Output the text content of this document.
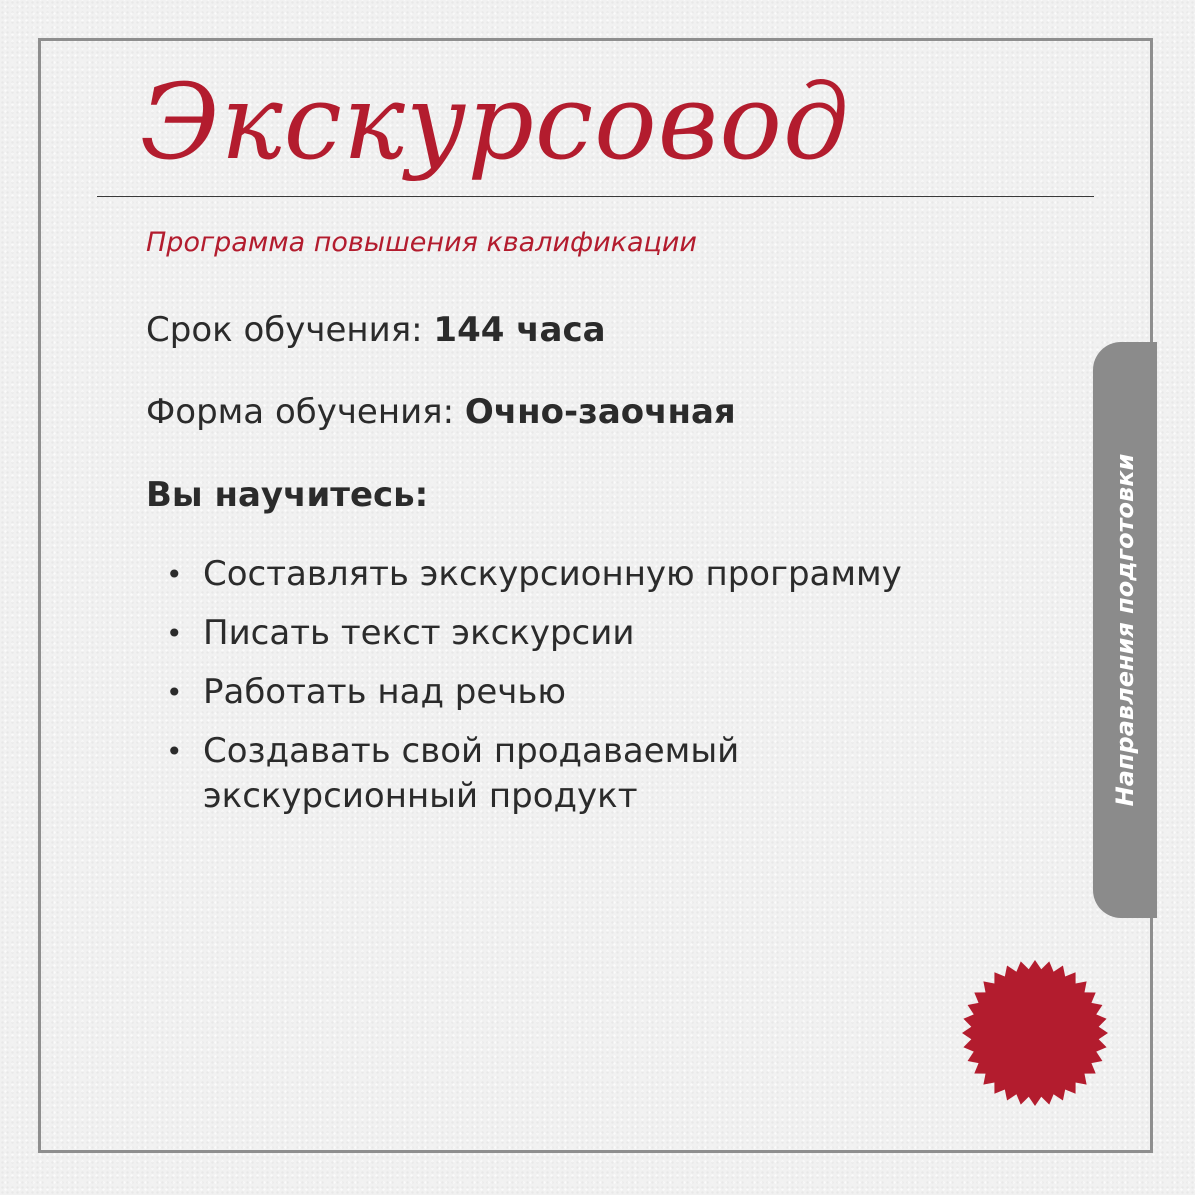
Экскурсовод
Программа повышения квалификации
Срок обучения: 144 часа
Форма обучения: Очно-заочная
Вы научитесь:
• Составлять экскурсионную программу
• Писать текст экскурсии
• Работать над речью
• Создавать свой продаваемый экскурсионный продукт	Направления подготовки
